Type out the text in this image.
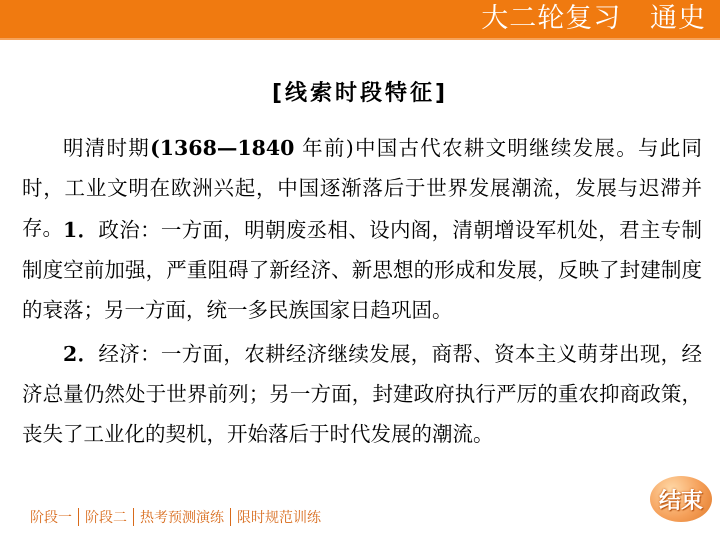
大二轮复习   通史
[线索时段特征]

明清时期(1368—1840 年前)中国古代农耕文明继续发展。与此同时，工业文明在欧洲兴起，中国逐渐落后于世界发展潮流，发展与迟滞并存。 1．政治：一方面，明朝废丞相、设内阁，清朝增设军机处，君主专制制度空前加强，严重阻碍了新经济、新思想的形成和发展，反映了封建制度的衰落；另一方面，统一多民族国家日趋巩固。

2．经济：一方面，农耕经济继续发展，商帮、资本主义萌芽出现，经济总量仍然处于世界前列；另一方面，封建政府执行严厉的重农抑商政策，丧失了工业化的契机，开始落后于时代发展的潮流。

阶段一 阶段二 热考预测演练 限时规范训练
结束
